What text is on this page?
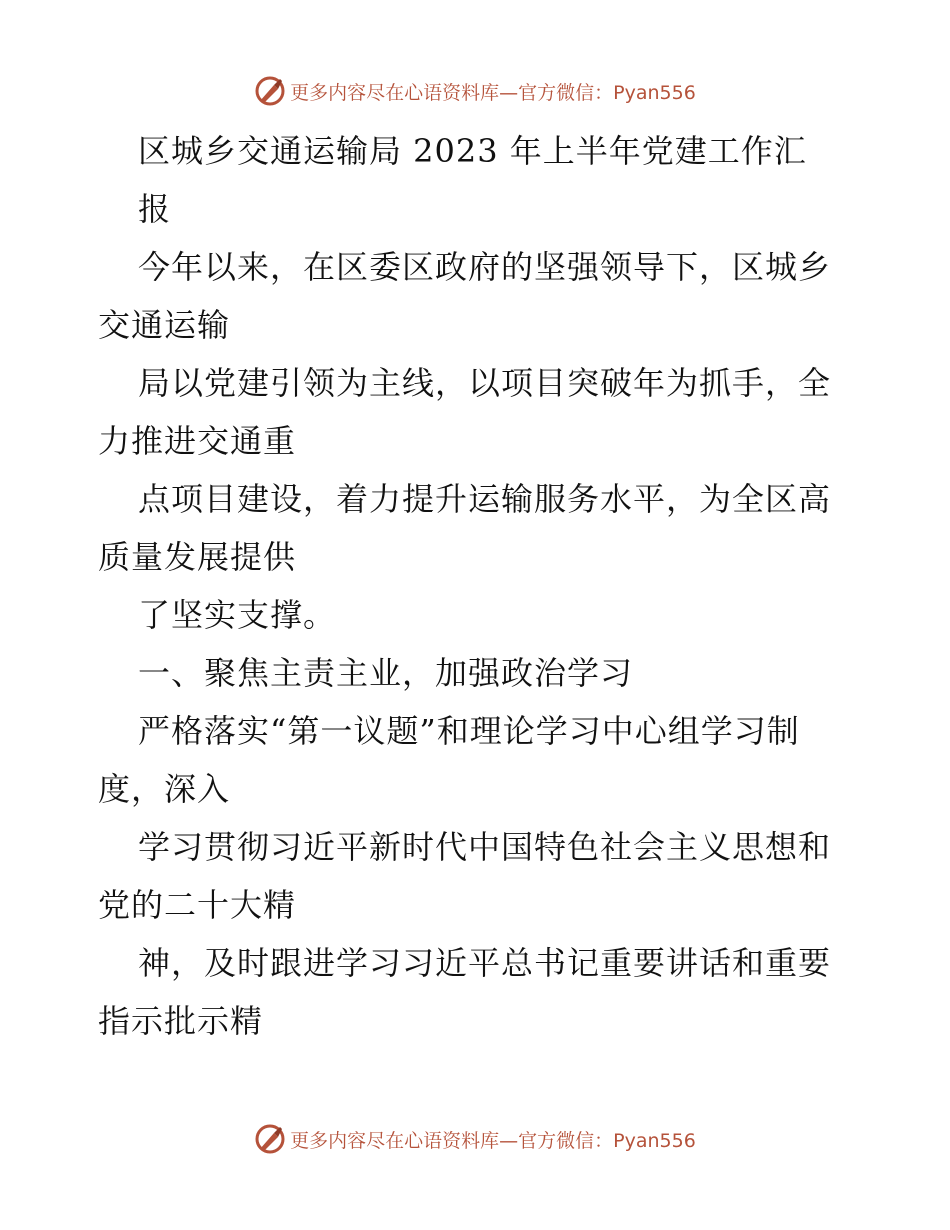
更多内容尽在心语资料库—官方微信：Pyan556
区城乡交通运输局 2023 年上半年党建工作汇
报
今年以来，在区委区政府的坚强领导下，区城乡
交通运输
局以党建引领为主线，以项目突破年为抓手，全
力推进交通重
点项目建设，着力提升运输服务水平，为全区高
质量发展提供
了坚实支撑。
一、聚焦主责主业，加强政治学习
严格落实“第一议题”和理论学习中心组学习制
度，深入
学习贯彻习近平新时代中国特色社会主义思想和
党的二十大精
神，及时跟进学习习近平总书记重要讲话和重要
指示批示精
更多内容尽在心语资料库—官方微信：Pyan556
